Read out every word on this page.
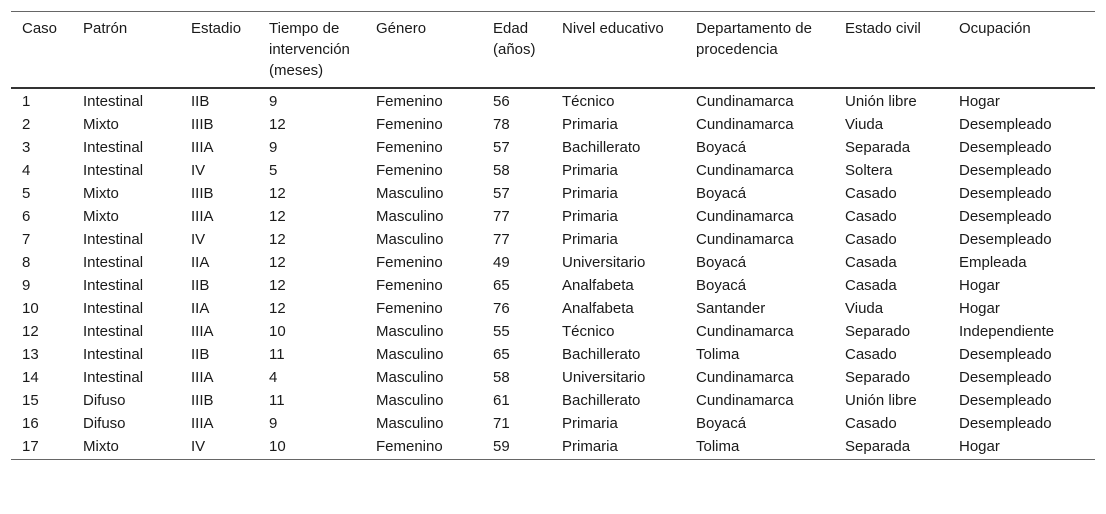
Caso	Patrón	Estadio	Tiempo de intervención (meses)	Género	Edad (años)	Nivel educativo	Departamento de procedencia	Estado civil	Ocupación
1	Intestinal	IIB	9	Femenino	56	Técnico	Cundinamarca	Unión libre	Hogar
2	Mixto	IIIB	12	Femenino	78	Primaria	Cundinamarca	Viuda	Desempleado
3	Intestinal	IIIA	9	Femenino	57	Bachillerato	Boyacá	Separada	Desempleado
4	Intestinal	IV	5	Femenino	58	Primaria	Cundinamarca	Soltera	Desempleado
5	Mixto	IIIB	12	Masculino	57	Primaria	Boyacá	Casado	Desempleado
6	Mixto	IIIA	12	Masculino	77	Primaria	Cundinamarca	Casado	Desempleado
7	Intestinal	IV	12	Masculino	77	Primaria	Cundinamarca	Casado	Desempleado
8	Intestinal	IIA	12	Femenino	49	Universitario	Boyacá	Casada	Empleada
9	Intestinal	IIB	12	Femenino	65	Analfabeta	Boyacá	Casada	Hogar
10	Intestinal	IIA	12	Femenino	76	Analfabeta	Santander	Viuda	Hogar
12	Intestinal	IIIA	10	Masculino	55	Técnico	Cundinamarca	Separado	Independiente
13	Intestinal	IIB	11	Masculino	65	Bachillerato	Tolima	Casado	Desempleado
14	Intestinal	IIIA	4	Masculino	58	Universitario	Cundinamarca	Separado	Desempleado
15	Difuso	IIIB	11	Masculino	61	Bachillerato	Cundinamarca	Unión libre	Desempleado
16	Difuso	IIIA	9	Masculino	71	Primaria	Boyacá	Casado	Desempleado
17	Mixto	IV	10	Femenino	59	Primaria	Tolima	Separada	Hogar
